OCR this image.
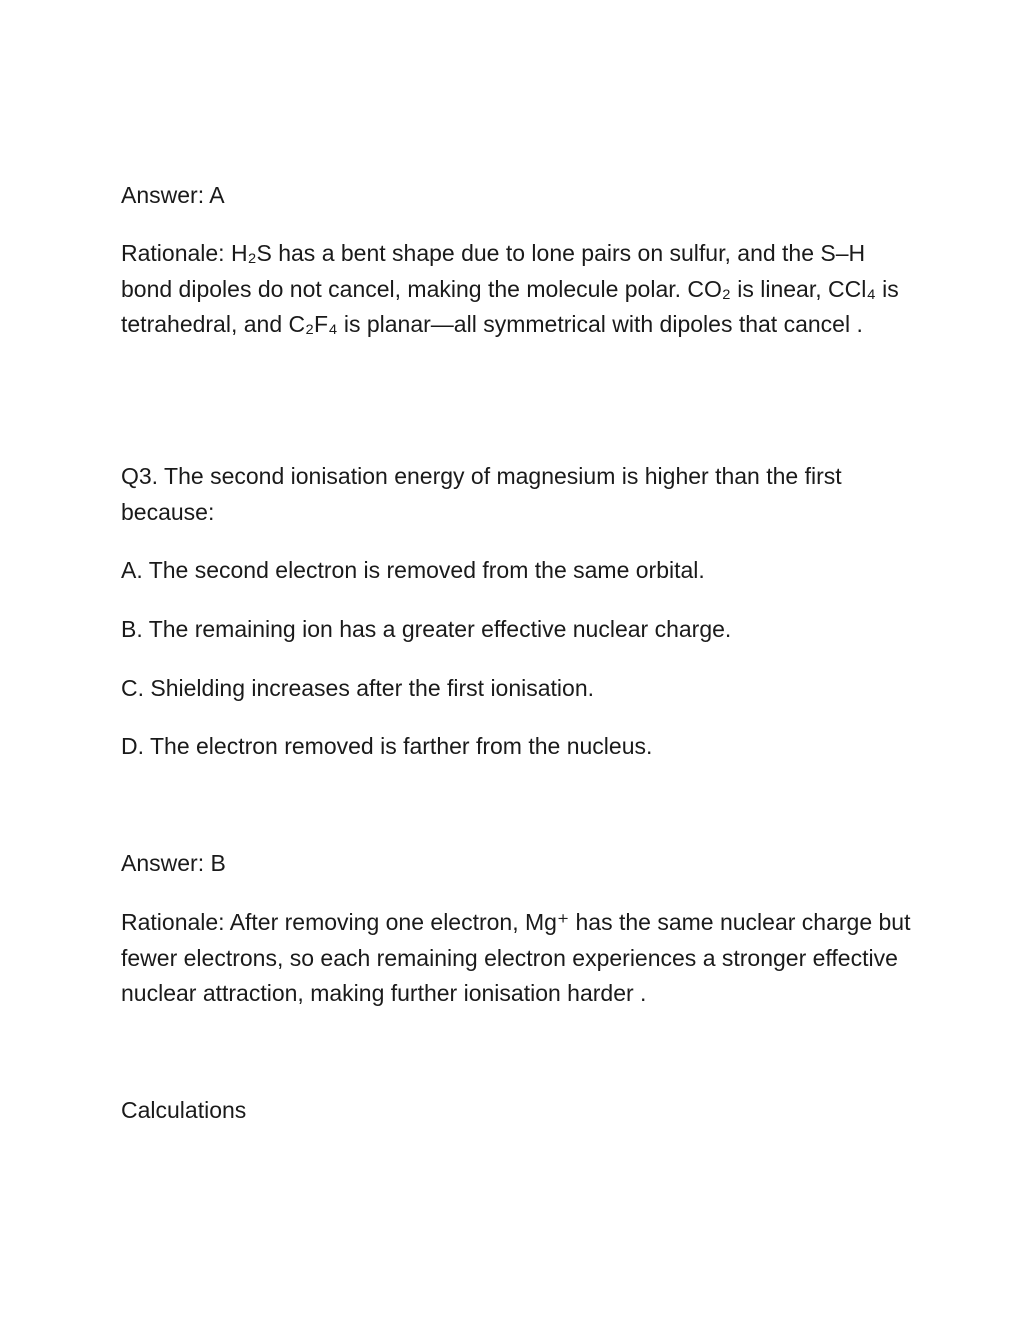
Answer: A

Rationale: H₂S has a bent shape due to lone pairs on sulfur, and the S–H bond dipoles do not cancel, making the molecule polar. CO₂ is linear, CCl₄ is tetrahedral, and C₂F₄ is planar—all symmetrical with dipoles that cancel .

Q3. The second ionisation energy of magnesium is higher than the first because:

A. The second electron is removed from the same orbital.

B. The remaining ion has a greater effective nuclear charge.

C. Shielding increases after the first ionisation.

D. The electron removed is farther from the nucleus.

Answer: B

Rationale: After removing one electron, Mg⁺ has the same nuclear charge but fewer electrons, so each remaining electron experiences a stronger effective nuclear attraction, making further ionisation harder .

Calculations
